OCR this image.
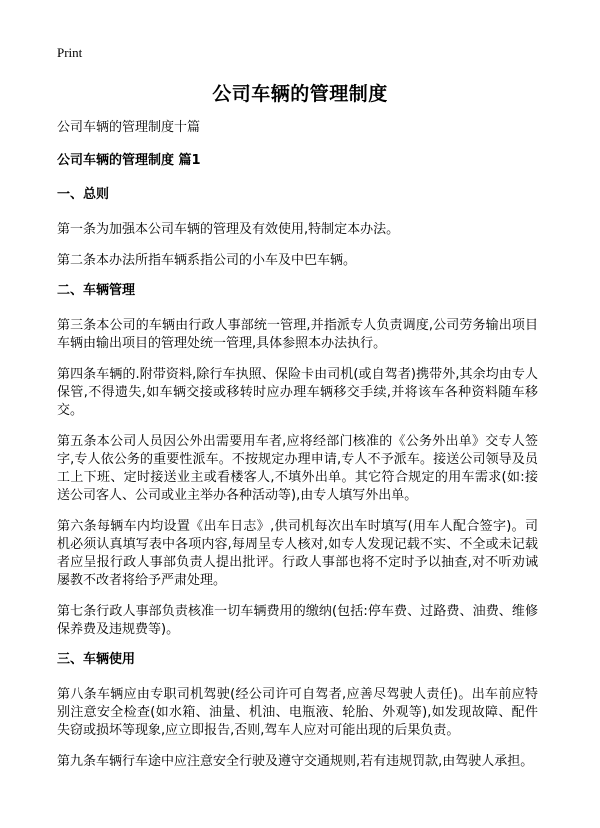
Print
公司车辆的管理制度

公司车辆的管理制度十篇

公司车辆的管理制度 篇1

一、总则

第一条为加强本公司车辆的管理及有效使用,特制定本办法。

第二条本办法所指车辆系指公司的小车及中巴车辆。

二、车辆管理

第三条本公司的车辆由行政人事部统一管理,并指派专人负责调度,公司劳务输出项目车辆由输出项目的管理处统一管理,具体参照本办法执行。

第四条车辆的.附带资料,除行车执照、保险卡由司机(或自驾者)携带外,其余均由专人保管,不得遗失,如车辆交接或移转时应办理车辆移交手续,并将该车各种资料随车移交。

第五条本公司人员因公外出需要用车者,应将经部门核准的《公务外出单》交专人签字,专人依公务的重要性派车。不按规定办理申请,专人不予派车。接送公司领导及员工上下班、定时接送业主或看楼客人,不填外出单。其它符合规定的用车需求(如:接送公司客人、公司或业主举办各种活动等),由专人填写外出单。

第六条每辆车内均设置《出车日志》,供司机每次出车时填写(用车人配合签字)。司机必须认真填写表中各项内容,每周呈专人核对,如专人发现记载不实、不全或未记载者应呈报行政人事部负责人提出批评。行政人事部也将不定时予以抽查,对不听劝诫屡教不改者将给予严肃处理。

第七条行政人事部负责核准一切车辆费用的缴纳(包括:停车费、过路费、油费、维修保养费及违规费等)。

三、车辆使用

第八条车辆应由专职司机驾驶(经公司许可自驾者,应善尽驾驶人责任)。出车前应特别注意安全检查(如水箱、油量、机油、电瓶液、轮胎、外观等),如发现故障、配件失窃或损坏等现象,应立即报告,否则,驾车人应对可能出现的后果负责。

第九条车辆行车途中应注意安全行驶及遵守交通规则,若有违规罚款,由驾驶人承担。
